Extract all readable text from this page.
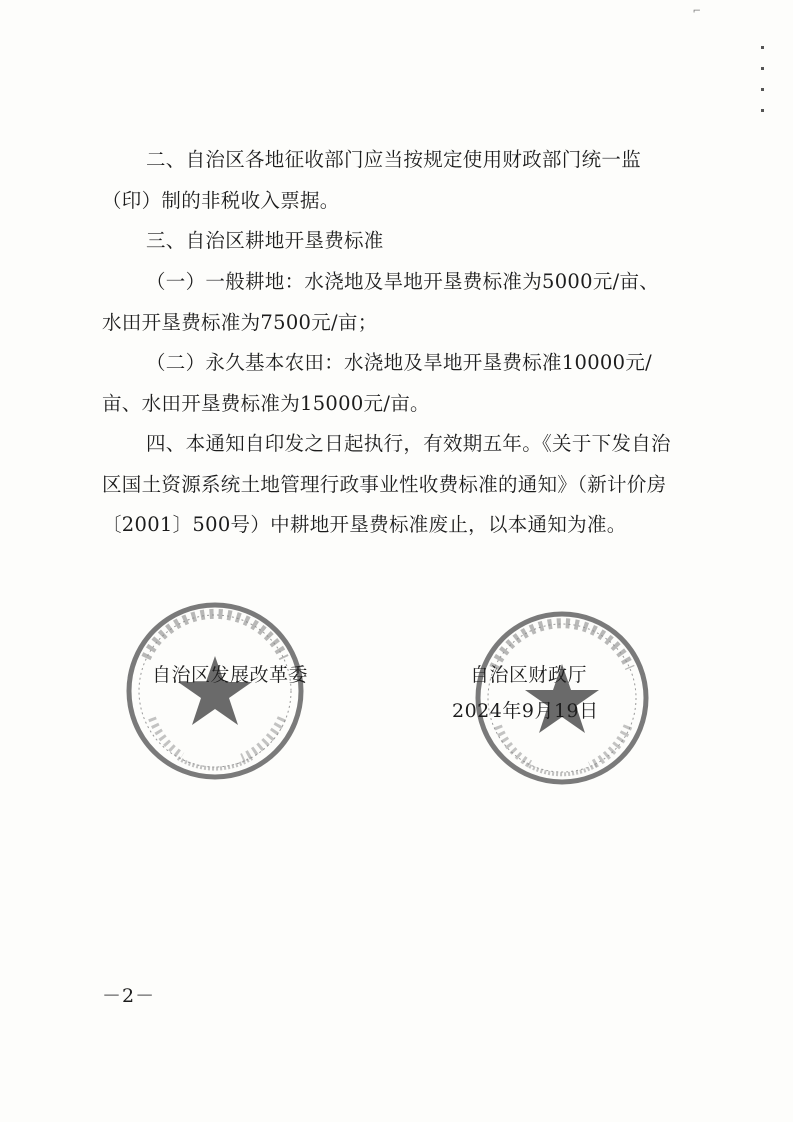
⌐

二、自治区各地征收部门应当按规定使用财政部门统一监（印）制的非税收入票据。

三、自治区耕地开垦费标准

（一）一般耕地：水浇地及旱地开垦费标准为5000元/亩、水田开垦费标准为7500元/亩；

（二）永久基本农田：水浇地及旱地开垦费标准10000元/亩、水田开垦费标准为15000元/亩。

四、本通知自印发之日起执行，有效期五年。《关于下发自治区国土资源系统土地管理行政事业性收费标准的通知》（新计价房〔2001〕500号）中耕地开垦费标准废止，以本通知为准。

自治区发展改革委	自治区财政厅
2024年9月19日
－2－
